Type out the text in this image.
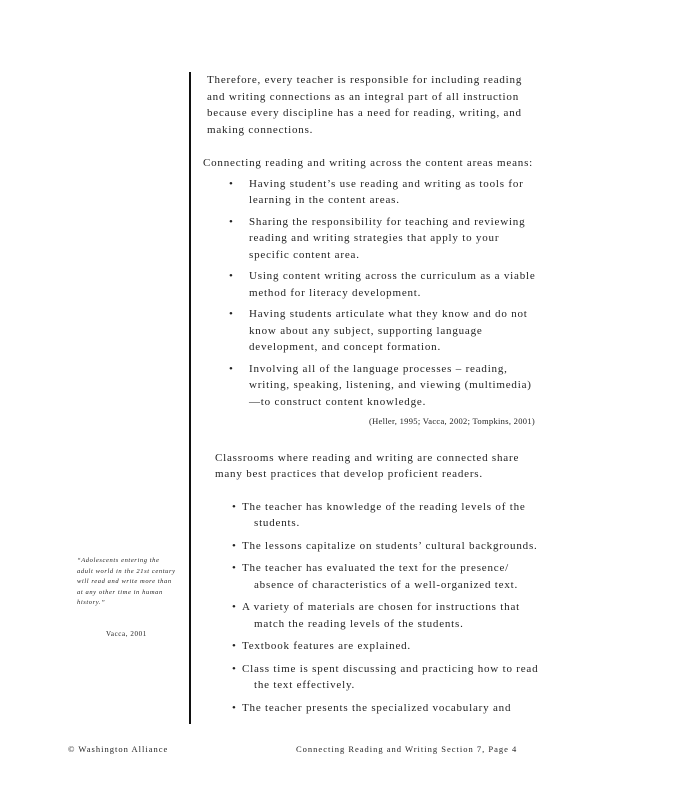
Therefore, every teacher is responsible for including reading and writing connections as an integral part of all instruction because every discipline has a need for reading, writing, and making connections.

Connecting reading and writing across the content areas means:

• Having student’s use reading and writing as tools for learning in the content areas.
• Sharing the responsibility for teaching and reviewing reading and writing strategies that apply to your specific content area.
• Using content writing across the curriculum as a viable method for literacy development.
• Having students articulate what they know and do not know about any subject, supporting language development, and concept formation.
• Involving all of the language processes – reading, writing, speaking, listening, and viewing (multimedia) —to construct content knowledge.

(Heller, 1995; Vacca, 2002; Tompkins, 2001)

Classrooms where reading and writing are connected share many best practices that develop proficient readers.

• The teacher has knowledge of the reading levels of the students.
• The lessons capitalize on students’ cultural backgrounds.
• The teacher has evaluated the text for the presence/ absence of characteristics of a well-organized text.
• A variety of materials are chosen for instructions that match the reading levels of the students.
• Textbook features are explained.
• Class time is spent discussing and practicing how to read the text effectively.
• The teacher presents the specialized vocabulary and
“Adolescents entering the adult world in the 21st century will read and write more than at any other time in human history.”
Vacca, 2001
© Washington Alliance	Connecting Reading and Writing Section 7, Page 4
